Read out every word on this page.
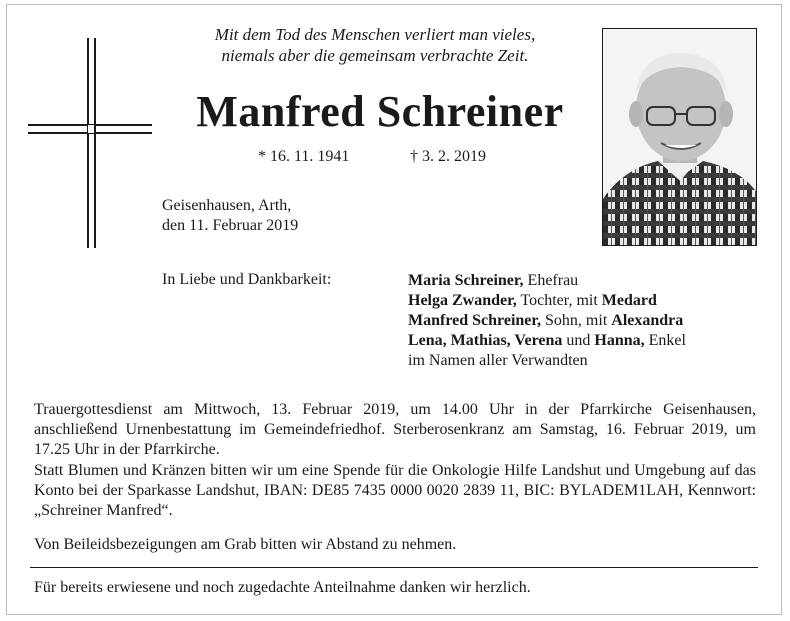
Mit dem Tod des Menschen verliert man vieles,
niemals aber die gemeinsam verbrachte Zeit.
Manfred Schreiner
* 16. 11. 1941	† 3. 2. 2019
Geisenhausen, Arth,
den 11. Februar 2019
In Liebe und Dankbarkeit:	Maria Schreiner, Ehefrau
Helga Zwander, Tochter, mit Medard
Manfred Schreiner, Sohn, mit Alexandra
Lena, Mathias, Verena und Hanna, Enkel
im Namen aller Verwandten
Trauergottesdienst am Mittwoch, 13. Februar 2019, um 14.00 Uhr in der Pfarrkirche Geisenhausen, anschließend Urnenbestattung im Gemeindefriedhof. Sterberosenkranz am Samstag, 16. Februar 2019, um 17.25 Uhr in der Pfarrkirche.
Statt Blumen und Kränzen bitten wir um eine Spende für die Onkologie Hilfe Landshut und Umgebung auf das Konto bei der Sparkasse Landshut, IBAN: DE85 7435 0000 0020 2839 11, BIC: BYLADEM1LAH, Kennwort: „Schreiner Manfred“.
Von Beileidsbezeigungen am Grab bitten wir Abstand zu nehmen.
Für bereits erwiesene und noch zugedachte Anteilnahme danken wir herzlich.
